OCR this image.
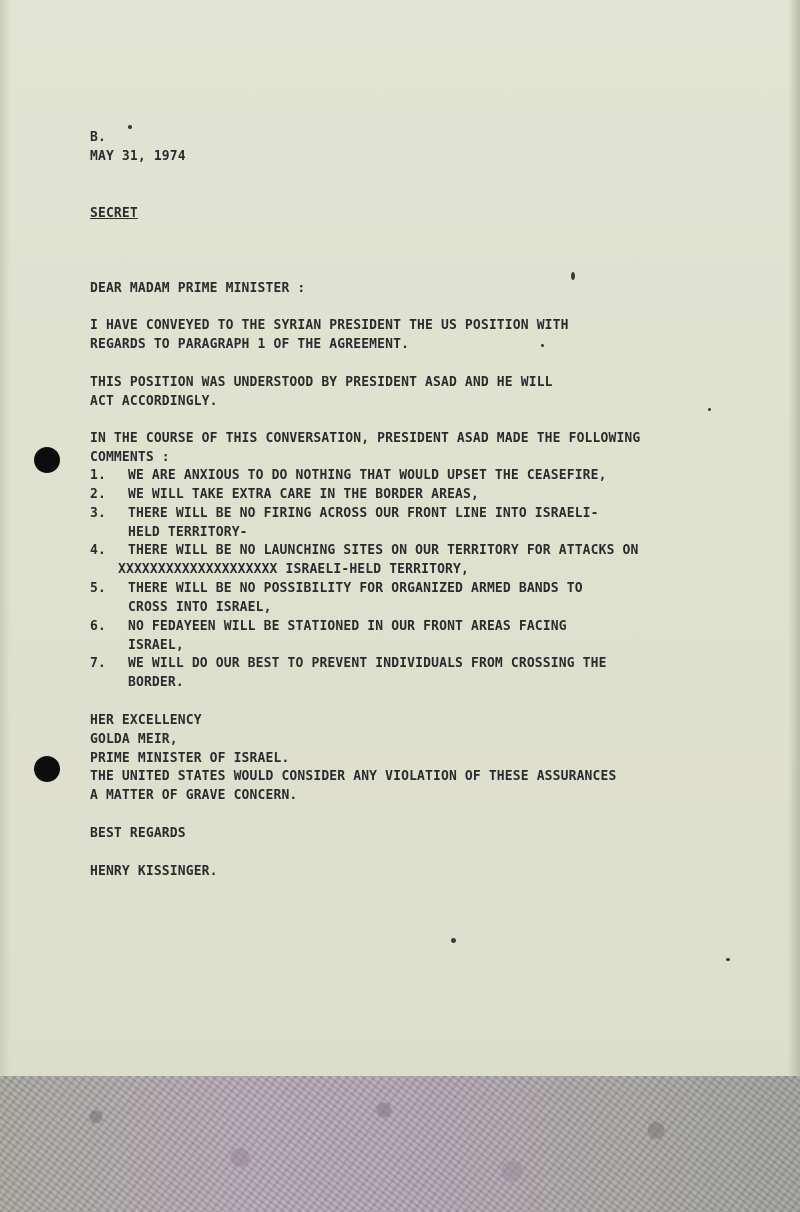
B.
MAY 31, 1974
SECRET
DEAR MADAM PRIME MINISTER :
I HAVE CONVEYED TO THE SYRIAN PRESIDENT THE US POSITION WITH
REGARDS TO PARAGRAPH 1 OF THE AGREEMENT.
THIS POSITION WAS UNDERSTOOD BY PRESIDENT ASAD AND HE WILL
ACT ACCORDINGLY.
IN THE COURSE OF THIS CONVERSATION, PRESIDENT ASAD MADE THE FOLLOWING
COMMENTS :
1. WE ARE ANXIOUS TO DO NOTHING THAT WOULD UPSET THE CEASEFIRE,
2. WE WILL TAKE EXTRA CARE IN THE BORDER AREAS,
3. THERE WILL BE NO FIRING ACROSS OUR FRONT LINE INTO ISRAELI-
HELD TERRITORY-
4. THERE WILL BE NO LAUNCHING SITES ON OUR TERRITORY FOR ATTACKS ON
XXXXXXXXXXXXXXXXXXXX ISRAELI-HELD TERRITORY,
5. THERE WILL BE NO POSSIBILITY FOR ORGANIZED ARMED BANDS TO
CROSS INTO ISRAEL,
6. NO FEDAYEEN WILL BE STATIONED IN OUR FRONT AREAS FACING
ISRAEL,
7. WE WILL DO OUR BEST TO PREVENT INDIVIDUALS FROM CROSSING THE
BORDER.
HER EXCELLENCY
GOLDA MEIR,
PRIME MINISTER OF ISRAEL.
THE UNITED STATES WOULD CONSIDER ANY VIOLATION OF THESE ASSURANCES
A MATTER OF GRAVE CONCERN.
BEST REGARDS
HENRY KISSINGER.
